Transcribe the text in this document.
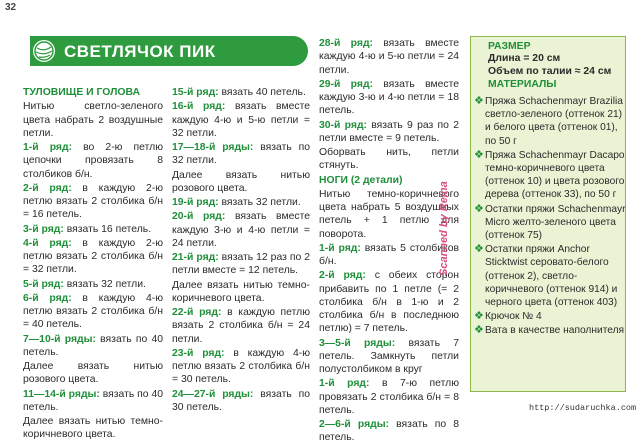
32
СВЕТЛЯЧОК ПИК

ТУЛОВИЩЕ И ГОЛОВА

Нитью светло-зеленого цвета набрать 2 воздушные петли.

1-й ряд: во 2-ю петлю цепочки провязать 8 столбиков б/н.

2-й ряд: в каждую 2-ю петлю вязать 2 столбика б/н = 16 петель.

3-й ряд: вязать 16 петель.

4-й ряд: в каждую 2-ю петлю вязать 2 столбика б/н = 32 петли.

5-й ряд: вязать 32 петли.

6-й ряд: в каждую 4-ю петлю вязать 2 столбика б/н = 40 петель.

7—10-й ряды: вязать по 40 петель.

Далее вязать нитью розового цвета.

11—14-й ряды: вязать по 40 петель.

Далее вязать нитью темно-коричневого цвета.

15-й ряд: вязать 40 петель.

16-й ряд: вязать вместе каждую 4-ю и 5-ю петли = 32 петли.

17—18-й ряды: вязать по 32 петли.

Далее вязать нитью розового цвета.

19-й ряд: вязать 32 петли.

20-й ряд: вязать вместе каждую 3-ю и 4-ю петли = 24 петли.

21-й ряд: вязать 12 раз по 2 петли вместе = 12 петель.

Далее вязать нитью темно-коричневого цвета.

22-й ряд: в каждую петлю вязать 2 столбика б/н = 24 петли.

23-й ряд: в каждую 4-ю петлю вязать 2 столбика б/н = 30 петель.

24—27-й ряды: вязать по 30 петель.

28-й ряд: вязать вместе каждую 4-ю и 5-ю петли = 24 петли.

29-й ряд: вязать вместе каждую 3-ю и 4-ю петли = 18 петель.

30-й ряд: вязать 9 раз по 2 петли вместе = 9 петель.

Оборвать нить, петли стянуть.

НОГИ (2 детали)

Нитью темно-коричневого цвета набрать 5 воздушных петель + 1 петлю для поворота.

1-й ряд: вязать 5 столбиков б/н.

2-й ряд: с обеих сторон прибавить по 1 петле (= 2 столбика б/н в 1-ю и 2 столбика б/н в последнюю петлю) = 7 петель.

3—5-й ряды: вязать 7 петель. Замкнуть петли полустолбиком в круг

1-й ряд: в 7-ю петлю провязать 2 столбика б/н = 8 петель.

2—6-й ряды: вязать по 8 петель.

РАЗМЕР

Длина = 20 см

Объем по талии ≈ 24 см

МАТЕРИАЛЫ

❖ Пряжа Schachenmayr Brazilia светло-зеленого (оттенок 21) и белого цвета (оттенок 01), по 50 г
❖ Пряжа Schachenmayr Dacapo темно-коричневого цвета (оттенок 10) и цвета розового дерева (оттенок 33), по 50 г
❖ Остатки пряжи Schachenmayr Micro желто-зеленого цвета (оттенок 75)
❖ Остатки пряжи Anchor Sticktwist серовато-белого (оттенок 2), светло-коричневого (оттенок 914) и черного цвета (оттенок 403)
❖ Крючок № 4
❖ Вата в качестве наполнителя
Scanned by Reina
http://sudaruchka.com
